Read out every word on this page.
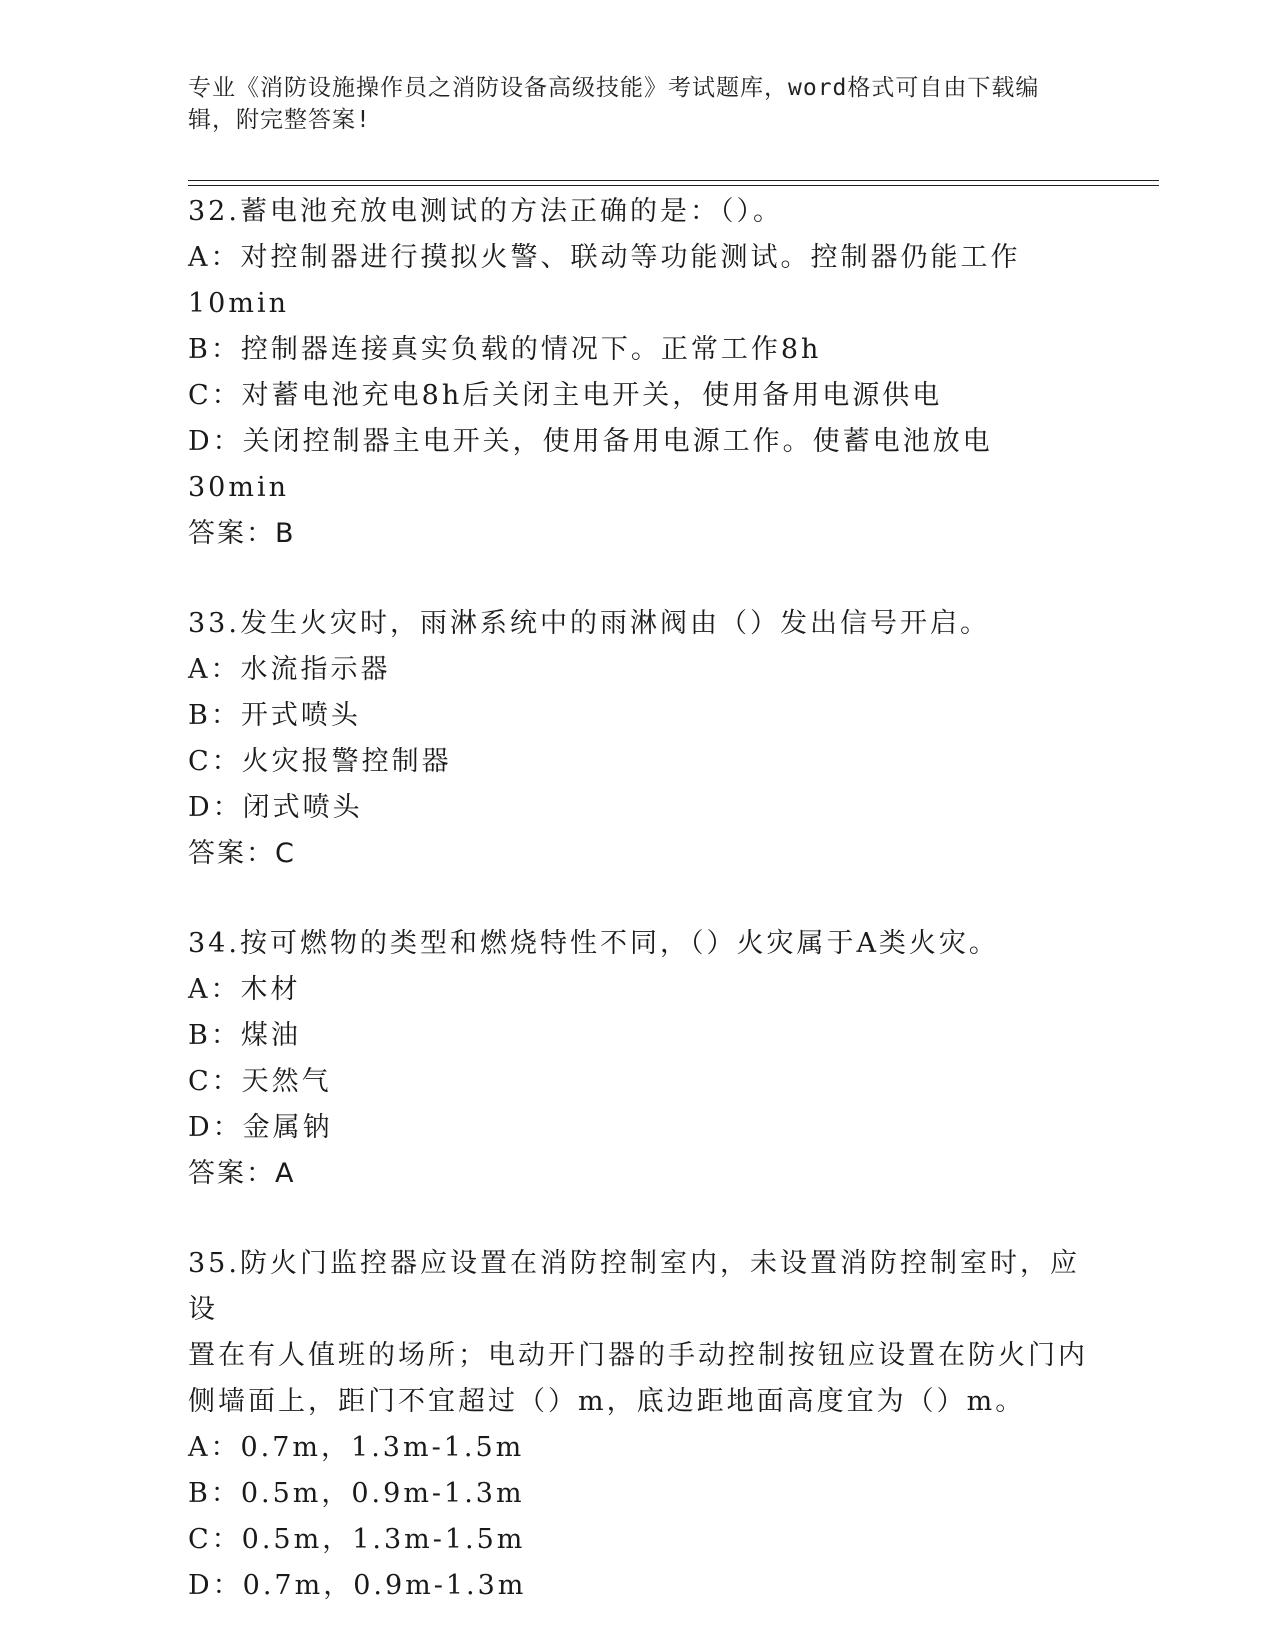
专业《消防设施操作员之消防设备高级技能》考试题库，word格式可自由下载编
辑，附完整答案!
32.蓄电池充放电测试的方法正确的是：（）。
A：对控制器进行摸拟火警、联动等功能测试。控制器仍能工作10min
B：控制器连接真实负载的情况下。正常工作8h
C：对蓄电池充电8h后关闭主电开关，使用备用电源供电
D：关闭控制器主电开关，使用备用电源工作。使蓄电池放电30min
答案：B
33.发生火灾时，雨淋系统中的雨淋阀由（）发出信号开启。
A：水流指示器
B：开式喷头
C：火灾报警控制器
D：闭式喷头
答案：C
34.按可燃物的类型和燃烧特性不同，（）火灾属于A类火灾。
A：木材
B：煤油
C：天然气
D：金属钠
答案：A
35.防火门监控器应设置在消防控制室内，未设置消防控制室时，应设
置在有人值班的场所；电动开门器的手动控制按钮应设置在防火门内
侧墙面上，距门不宜超过（）m，底边距地面高度宜为（）m。
A：0.7m，1.3m-1.5m
B：0.5m，0.9m-1.3m
C：0.5m，1.3m-1.5m
D：0.7m，0.9m-1.3m
